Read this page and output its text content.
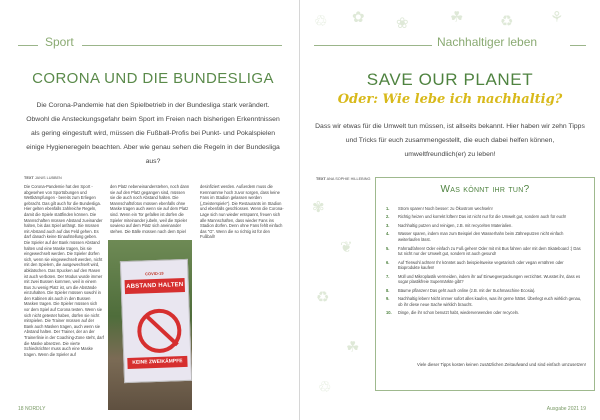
Sport
CORONA UND DIE BUNDESLIGA
Die Corona-Pandemie hat den Spielbetrieb in der Bundesliga stark verändert. Obwohl die Ansteckungsgefahr beim Sport im Freien nach bisherigen Erkenntnissen als gering eingestuft wird, müssen die Fußball-Profis bei Punkt- und Pokalspielen einige Hygieneregeln beachten. Aber wie genau sehen die Regeln in der Bundesliga aus?
TEXT JANIS LUBBEN
Die Corona-Pandemie hat den Sport - abgesehen von Sportübungen und Wettkämpfungen - bereits zum Erliegen gebracht. Das gilt auch für die Bundesliga. Hier gelten ebenfalls zahlreiche Regeln, damit die Spiele stattfinden können. Die Mannschaften müssen Abstand zueinander halten, bis das Spiel anfängt. Sie müssen mit Abstand auch auf das Feld gehen. Es darf danach keine Einaufstellung geben. Die Spieler auf der Bank müssen Abstand halten und eine Maske tragen, bis sie eingewechselt werden. Die Spieler dürfen sich, wenn sie eingewechselt werden, nicht mit den Spielern, die ausgewechselt wird, abklatschen. Das Spucken auf den Rasen ist auch verboten. Der Modus wurde immer mit zwei Bussen kommen, weil in einem Bus zu wenig Platz ist, um die Abstände einzuhalten. Die Spieler müssen sowohl in den Kabinen als auch in den Bussen Masken tragen. Die Spieler müssen sich vor dem Spiel auf Corona testen. Wenn sie sich nicht getestet haben, dürfen sie nicht mitspielen. Die Trainer müssen auf der Bank auch Masken tragen, auch wenn sie Abstand halten. Der Trainer, der an der Trainerlinie in der Coaching-Zone steht, darf die Maske absetzen. Die vierte Schiedsrichter muss auch eine Maske tragen. Wenn die Spieler auf
den Platz nebeneinanderstehen, noch dann sie auf den Platz gegangen sind, müssen sie die auch noch Abstand halten. Die Mannschaftsfotos müssen ebenfalls ohne Maske tragen auch wenn sie auf dem Platz sind. Wenn ein Tor gefallen ist dürfen die Spieler miteinander jubeln, weil die Spieler sowieso auf dem Platz sich aneinander stehen. Die Bälle müssen nach dem Spiel
desinfiziert werden. Außerdem muss die Kennnamme hoch zuvor sorgen, dass keine Fans im Stadion gelassen werden („Geisterspiele“). Die Restaurants im Stadion und ebenfalls geschlossen. Wenn die Corona-Lage sich nun wieder entspannt, freuen sich alle Mannschaften, dass wieder Fans ins Stadion dürfen. Denn ohne Fans fehlt einfach das "G". Wenn die so richtig ist für den Fußball!
COVID-19
ABSTAND HALTEN
KEINE ZWEIKÄMPFE
18 NORDLY
♲ ✿ ❀	☘ ♻ ⚘
✾
❦
♻
☘
♲
Nachhaltiger leben
SAVE OUR PLANET
Oder: Wie lebe ich nachhaltig?
Dass wir etwas für die Umwelt tun müssen, ist allseits bekannt. Hier haben wir zehn Tipps und Tricks für euch zusammengestellt, die euch dabei helfen können, umweltfreundlich(er) zu leben!
TEXT ANA SOPHIE HILLEBING
Was könnt ihr tun?
1. Strom sparen! Noch besser: zu Ökostrom wechseln!
2. Richtig heizen und korrekt lüften! Das ist nicht nur für die Umwelt gut, sondern auch für euch!
3. Nachhaltig putzen und reinigen, z.B. mit recycelten Materialien.
4. Wasser sparen, indem man zum Beispiel den Wasserhahn beim Zähneputzen nicht einfach weiterlaufen lässt.
5. Fahrradfahren! Oder einfach zu Fuß gehen! Oder mit mit Bus fahren oder mit dem Skateboard :) Das tut nicht nur der Umwelt gut, sondern ist auch gesund!
6. Auf Tierwohl achten! Ihr könntet auch beispielsweise vegetarisch oder vegan ernähren oder Bioprodukte kaufen!
7. Müll und Mikroplastik vermeiden, indem ihr auf Einwegverpackungen verzichtet. Wusstet ihr, dass es sogar plastikfreie Supermärkte gibt?
8. Bäume pflanzen! Das geht auch online (z.B. mit der Suchmaschine Ecosia).
9. Nachhaltig leben! Nicht immer sofort alles kaufen, was ihr gerne hättet. Überlegt euch wirklich genau, ob ihr diese neue Sache wirklich braucht.
10. Dinge, die ihr schon benutzt habt, wiederverwenden oder recyceln.
Viele dieser Tipps kosten keinen zusätzlichen Zeitaufwand und sind einfach umzusetzen!
Ausgabe 2021 19
